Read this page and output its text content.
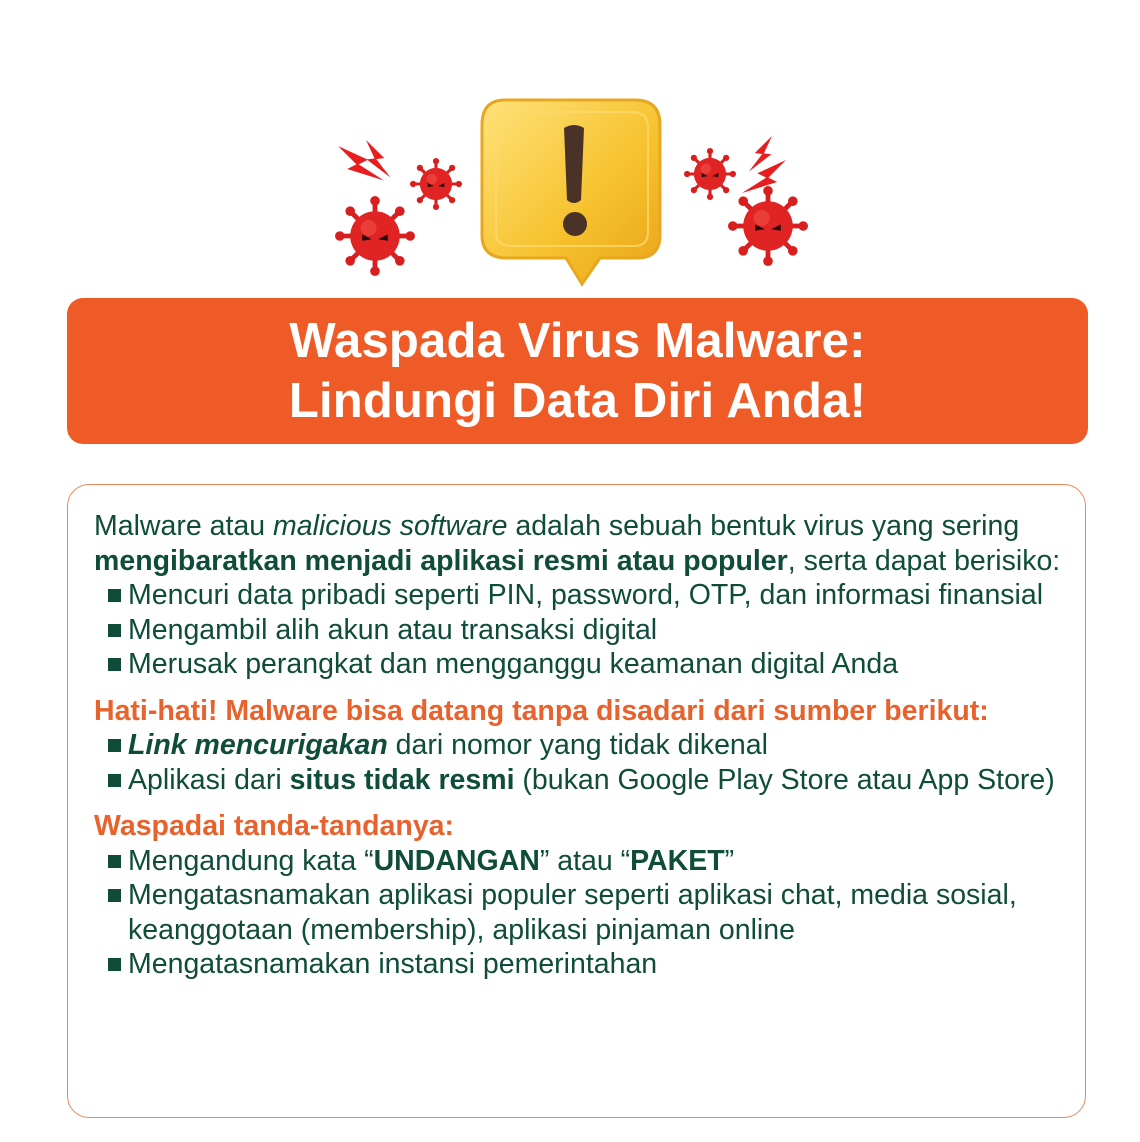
Waspada Virus Malware:
Lindungi Data Diri Anda!

Malware atau malicious software adalah sebuah bentuk virus yang sering mengibaratkan menjadi aplikasi resmi atau populer, serta dapat berisiko:

Mencuri data pribadi seperti PIN, password, OTP, dan informasi finansial
Mengambil alih akun atau transaksi digital
Merusak perangkat dan mengganggu keamanan digital Anda

Hati-hati! Malware bisa datang tanpa disadari dari sumber berikut:

Link mencurigakan dari nomor yang tidak dikenal
Aplikasi dari situs tidak resmi (bukan Google Play Store atau App Store)

Waspadai tanda-tandanya:

Mengandung kata “UNDANGAN” atau “PAKET”
Mengatasnamakan aplikasi populer seperti aplikasi chat, media sosial, keanggotaan (membership), aplikasi pinjaman online
Mengatasnamakan instansi pemerintahan
